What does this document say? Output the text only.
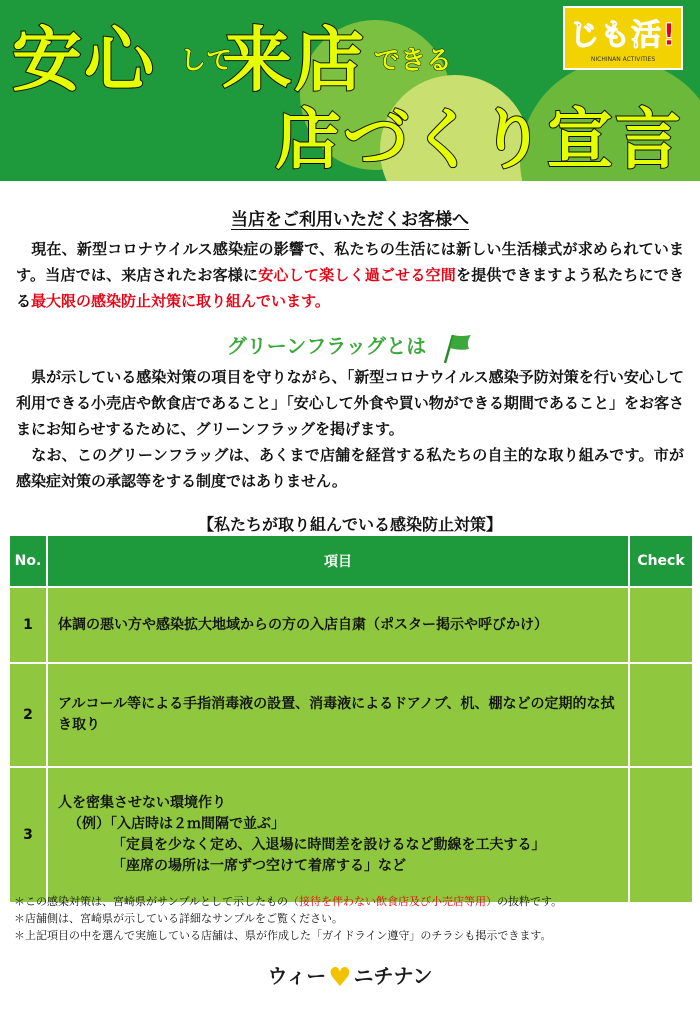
安心 して
来店 できる
店づくり宣言
じも活!
NICHINAN ACTIVITIES
当店をご利用いただくお客様へ
 現在、新型コロナウイルス感染症の影響で、私たちの生活には新しい生活様式が求められています。当店では、来店されたお客様に安心して楽しく過ごせる空間を提供できますよう私たちにできる最大限の感染防止対策に取り組んでいます。
グリーンフラッグとは
 県が示している感染対策の項目を守りながら、「新型コロナウイルス感染予防対策を行い安心して利用できる小売店や飲食店であること」「安心して外食や買い物ができる期間であること」をお客さまにお知らせするために、グリーンフラッグを掲げます。
 なお、このグリーンフラッグは、あくまで店舗を経営する私たちの自主的な取り組みです。市が感染症対策の承認等をする制度ではありません。
【私たちが取り組んでいる感染防止対策】
No.	項目	Check
1	体調の悪い方や感染拡大地域からの方の入店自粛（ポスター掲示や呼びかけ）	
2	アルコール等による手指消毒液の設置、消毒液によるドアノブ、机、棚などの定期的な拭き取り	
3	人を密集させない環境作り
（例）「入店時は２ｍ間隔で並ぶ」
「定員を少なく定め、入退場に時間差を設けるなど動線を工夫する」
「座席の場所は一席ずつ空けて着席する」など	

＊この感染対策は、宮崎県がサンプルとして示したもの（接待を伴わない飲食店及び小売店等用）の抜粋です。
＊店舗側は、宮崎県が示している詳細なサンプルをご覧ください。
＊上記項目の中を選んで実施している店舗は、県が作成した「ガイドライン遵守」のチラシも掲示できます。
ウィー♥ ニチナン
